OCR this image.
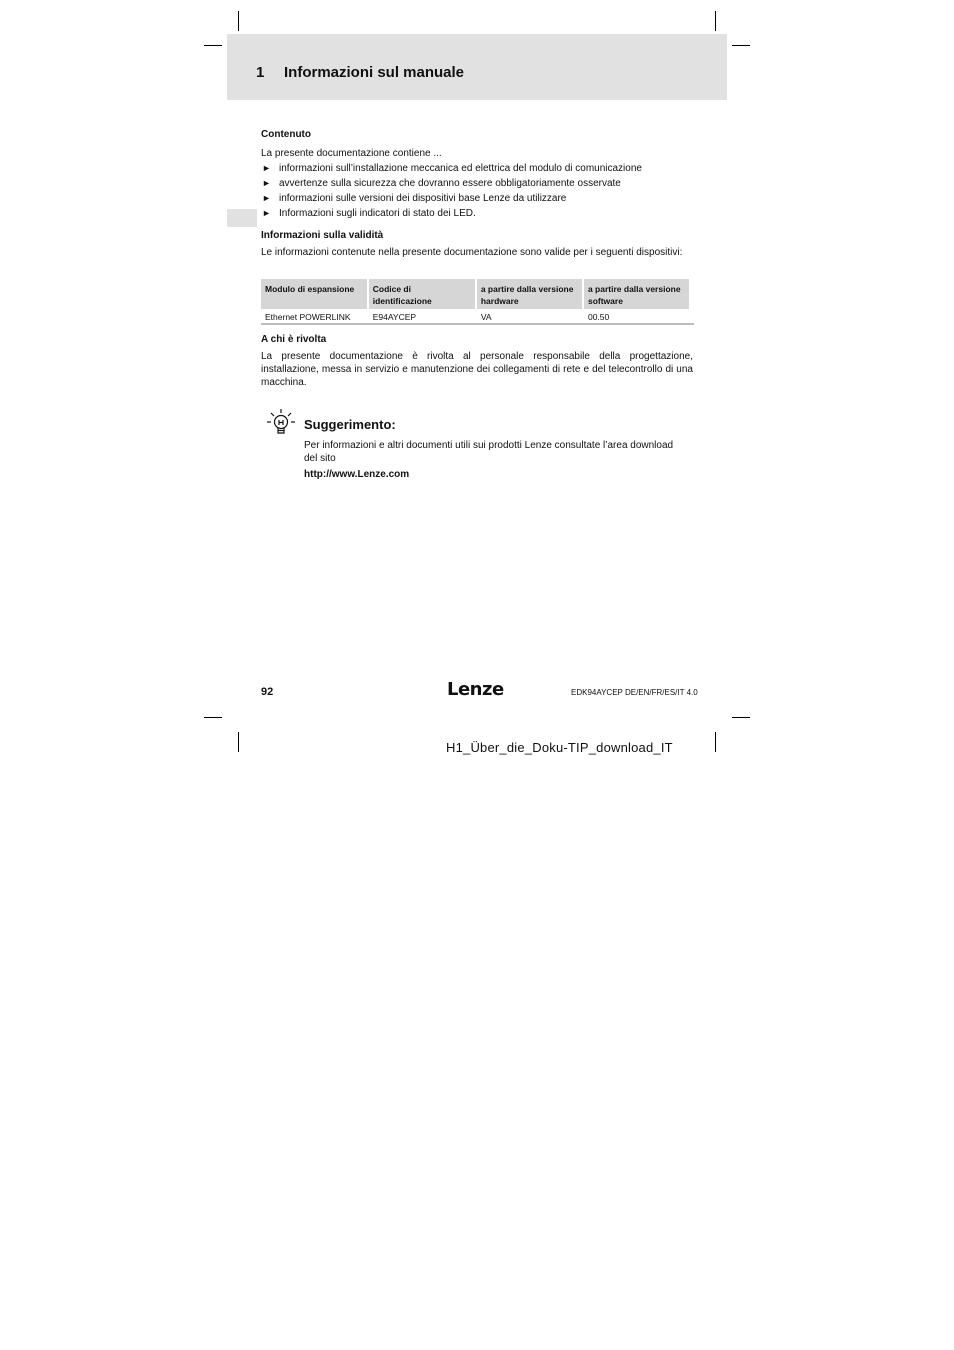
1 Informazioni sul manuale
Contenuto
La presente documentazione contiene ...
► informazioni sull’installazione meccanica ed elettrica del modulo di comunicazione
► avvertenze sulla sicurezza che dovranno essere obbligatoriamente osservate
► informazioni sulle versioni dei dispositivi base Lenze da utilizzare
► Informazioni sugli indicatori di stato dei LED.
Informazioni sulla validità
Le informazioni contenute nella presente documentazione sono valide per i seguenti dispositivi:
Modulo di espansione	Codice di identificazione	a partire dalla versione hardware	a partire dalla versione software
Ethernet POWERLINK	E94AYCEP	VA	00.50
A chi è rivolta
La presente documentazione è rivolta al personale responsabile della progettazione, installazione, messa in servizio e manutenzione dei collegamenti di rete e del telecontrollo di una macchina.
Suggerimento:
Per informazioni e altri documenti utili sui prodotti Lenze consultate l’area download del sito
http://www.Lenze.com
92	Lenze	EDK94AYCEP DE/EN/FR/ES/IT 4.0
H1_Über_die_Doku-TIP_download_IT
